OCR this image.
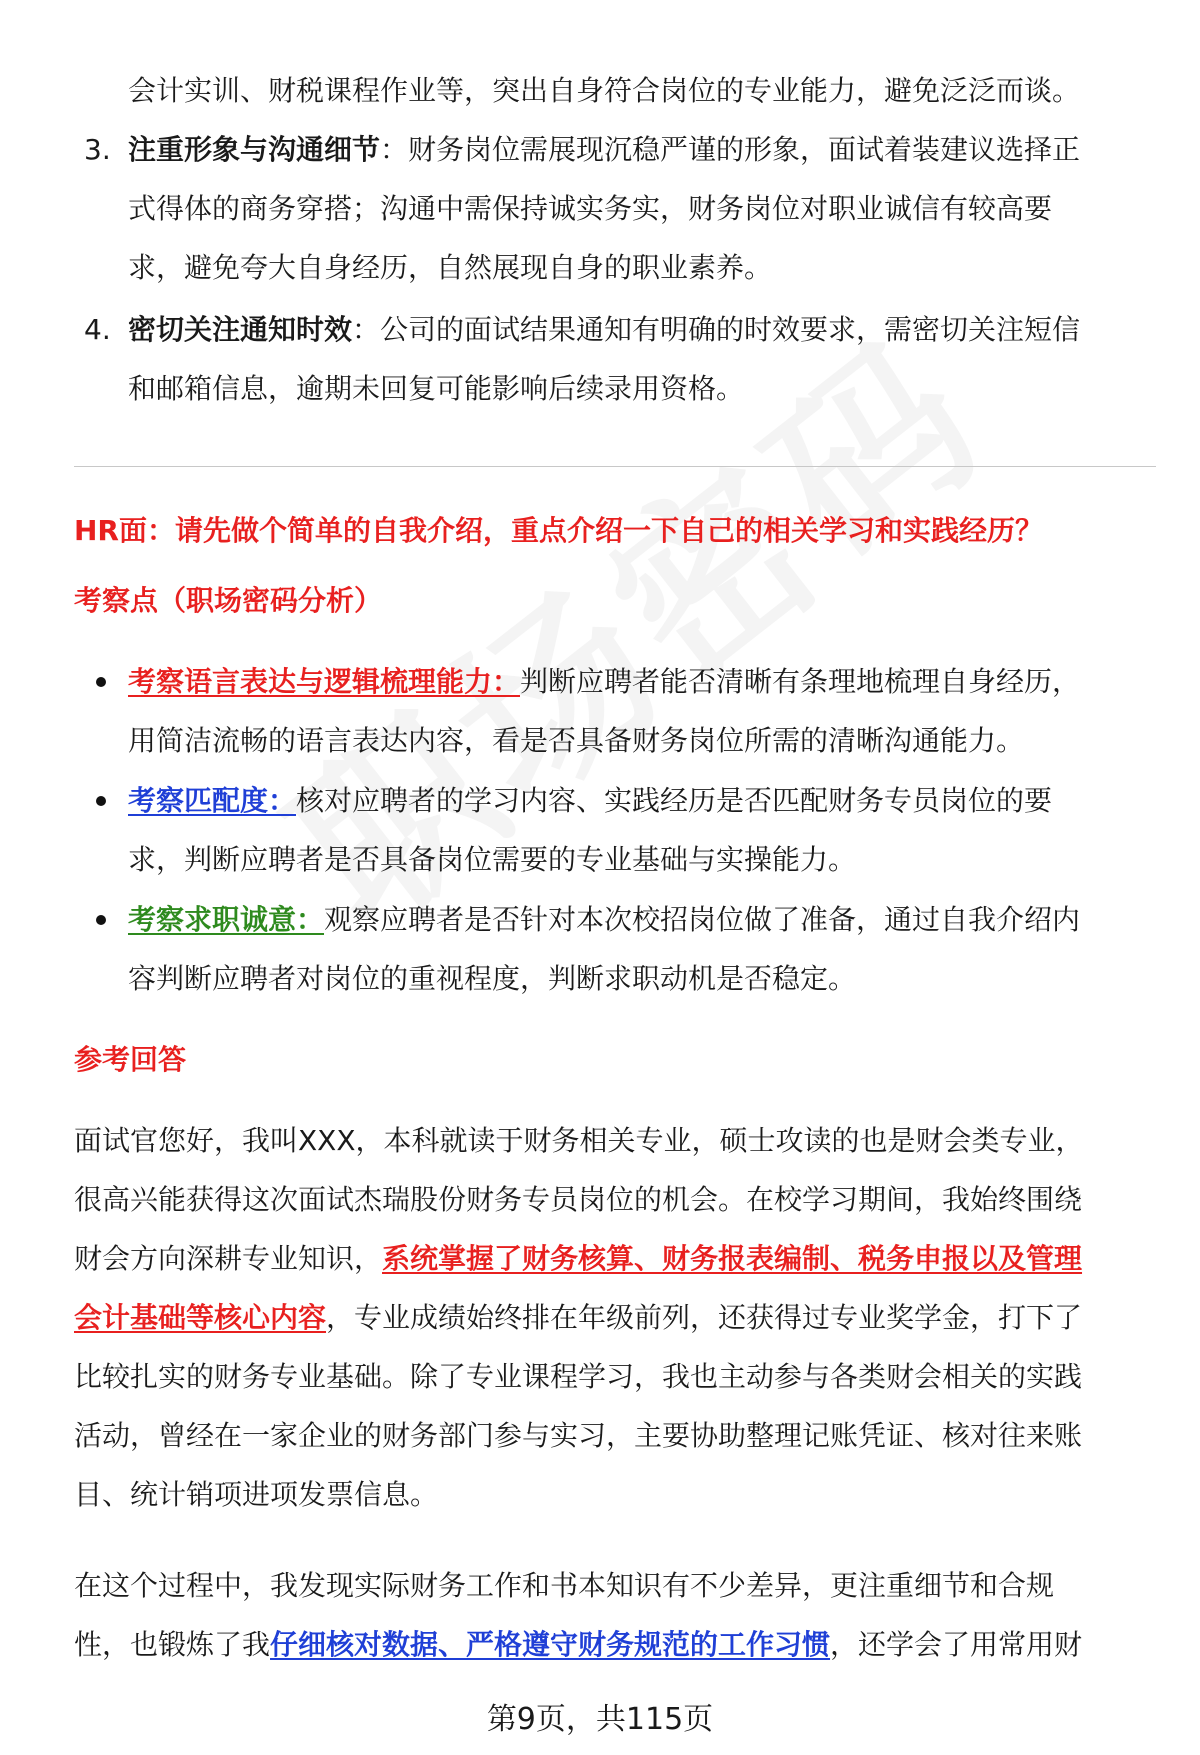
会计实训、财税课程作业等，突出自身符合岗位的专业能力，避免泛泛而谈。
3. 注重形象与沟通细节：财务岗位需展现沉稳严谨的形象，面试着装建议选择正
式得体的商务穿搭；沟通中需保持诚实务实，财务岗位对职业诚信有较高要
求，避免夸大自身经历，自然展现自身的职业素养。
4. 密切关注通知时效：公司的面试结果通知有明确的时效要求，需密切关注短信
和邮箱信息，逾期未回复可能影响后续录用资格。
HR面：请先做个简单的自我介绍，重点介绍一下自己的相关学习和实践经历？
考察点（职场密码分析）
考察语言表达与逻辑梳理能力：判断应聘者能否清晰有条理地梳理自身经历，
用简洁流畅的语言表达内容，看是否具备财务岗位所需的清晰沟通能力。
考察匹配度：核对应聘者的学习内容、实践经历是否匹配财务专员岗位的要
求，判断应聘者是否具备岗位需要的专业基础与实操能力。
考察求职诚意：观察应聘者是否针对本次校招岗位做了准备，通过自我介绍内
容判断应聘者对岗位的重视程度，判断求职动机是否稳定。
参考回答
面试官您好，我叫XXX，本科就读于财务相关专业，硕士攻读的也是财会类专业，
很高兴能获得这次面试杰瑞股份财务专员岗位的机会。在校学习期间，我始终围绕
财会方向深耕专业知识，系统掌握了财务核算、财务报表编制、税务申报以及管理
会计基础等核心内容，专业成绩始终排在年级前列，还获得过专业奖学金，打下了
比较扎实的财务专业基础。除了专业课程学习，我也主动参与各类财会相关的实践
活动，曾经在一家企业的财务部门参与实习，主要协助整理记账凭证、核对往来账
目、统计销项进项发票信息。
在这个过程中，我发现实际财务工作和书本知识有不少差异，更注重细节和合规
性，也锻炼了我仔细核对数据、严格遵守财务规范的工作习惯，还学会了用常用财
第9页，共115页
